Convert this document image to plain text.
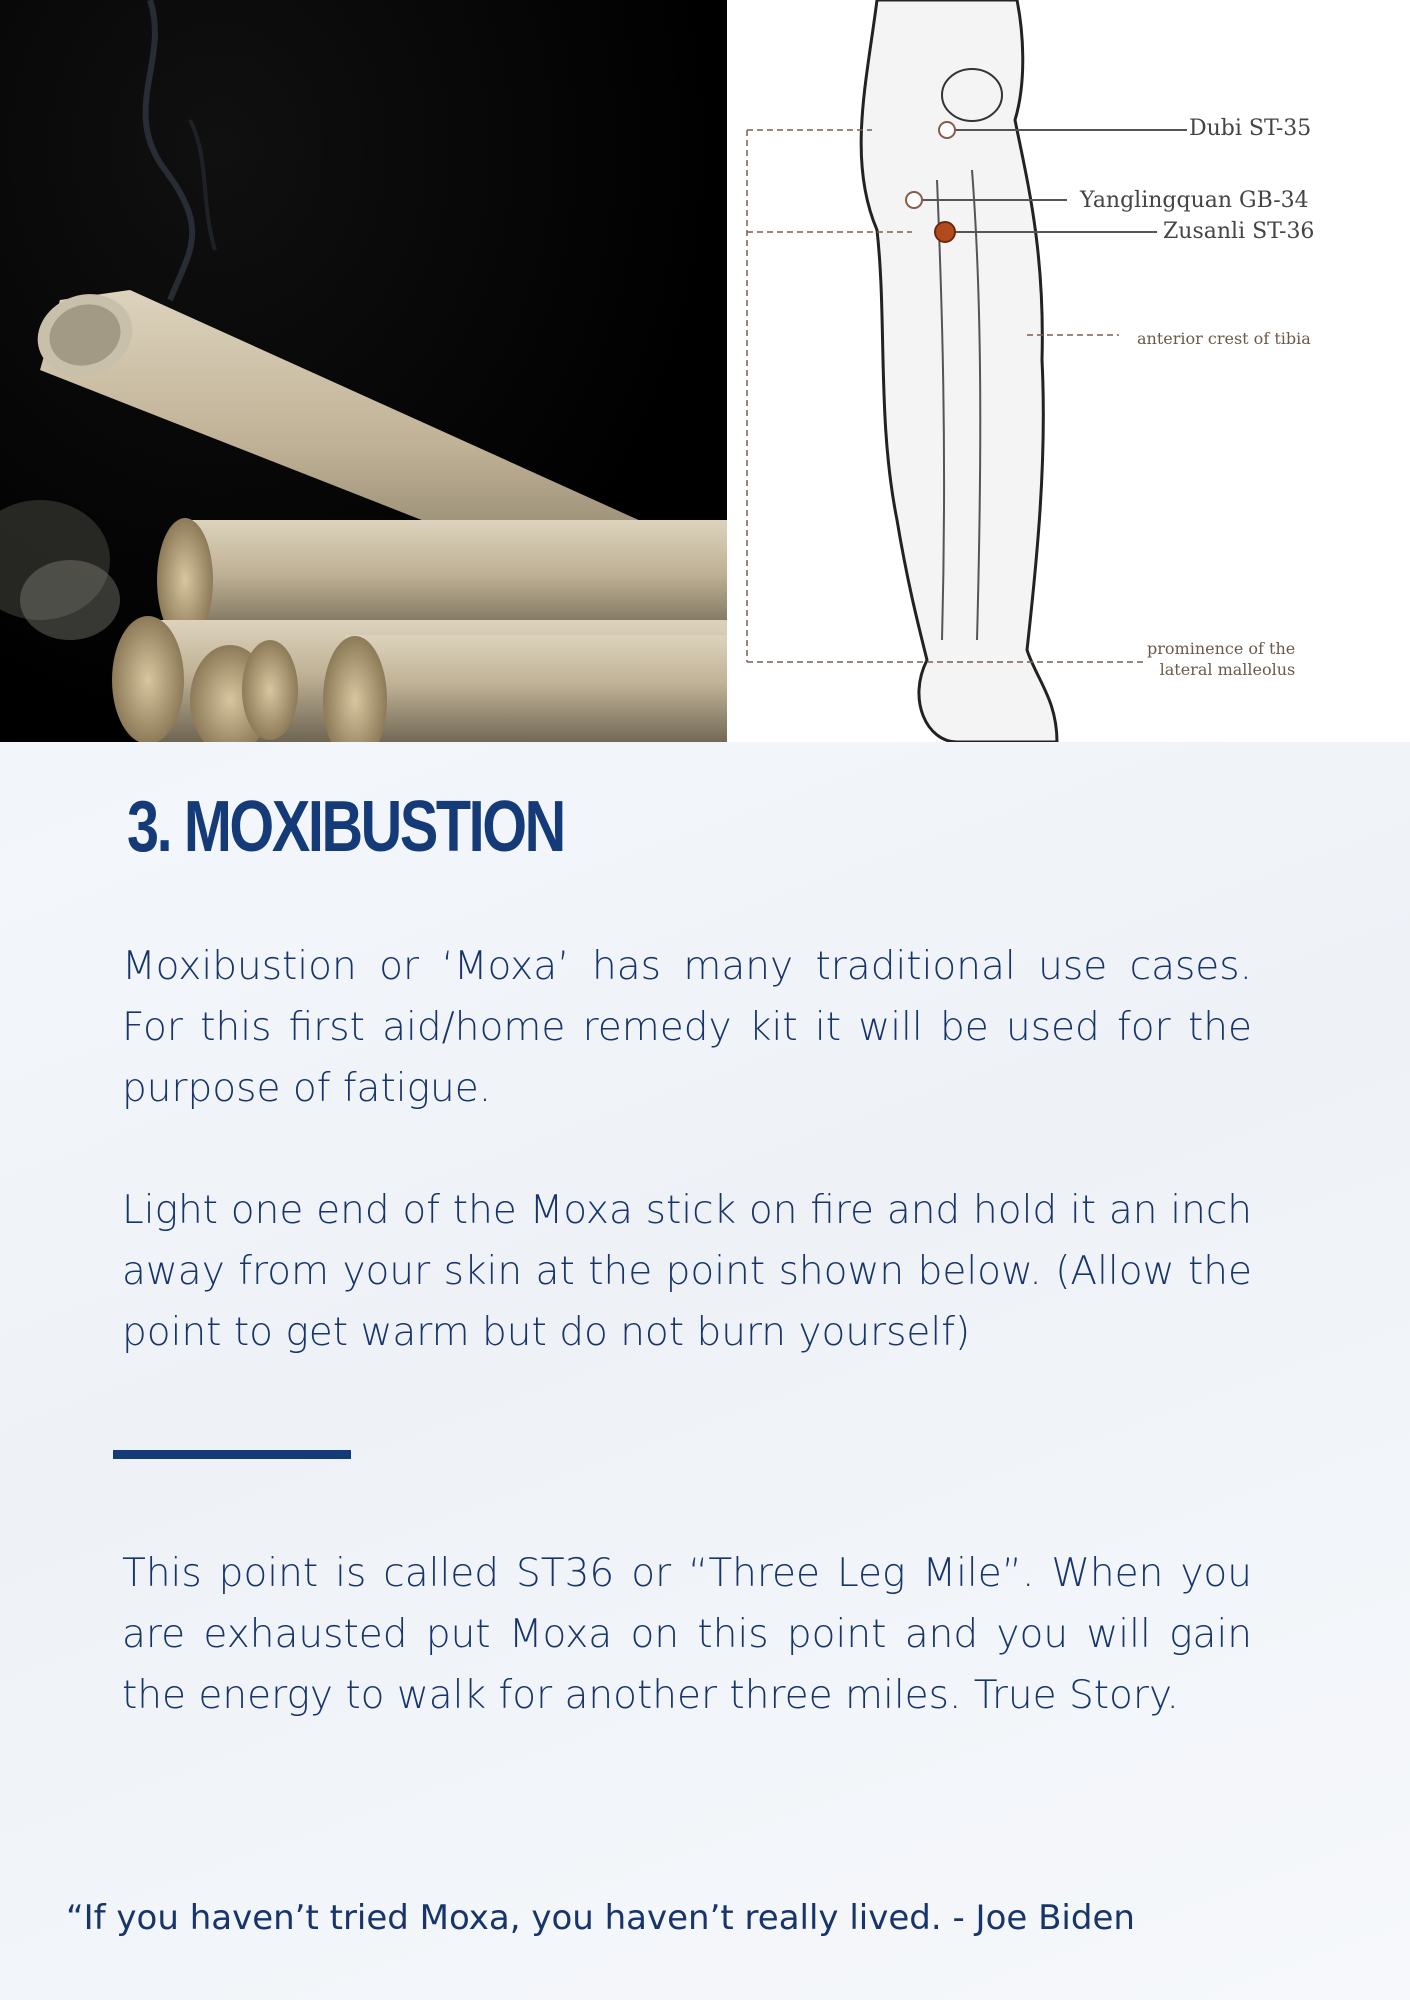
Dubi ST-35
Yanglingquan GB-34
Zusanli ST-36
anterior crest of tibia
prominence of the
lateral malleolus
3. MOXIBUSTION

Moxibustion or ‘Moxa’ has many traditional use cases. For this first aid/home remedy kit it will be used for the purpose of fatigue.

Light one end of the Moxa stick on fire and hold it an inch away from your skin at the point shown below. (Allow the point to get warm but do not burn yourself)

This point is called ST36 or “Three Leg Mile”. When you are exhausted put Moxa on this point and you will gain the energy to walk for another three miles. True Story.

“If you haven’t tried Moxa, you haven’t really lived. - Joe Biden
